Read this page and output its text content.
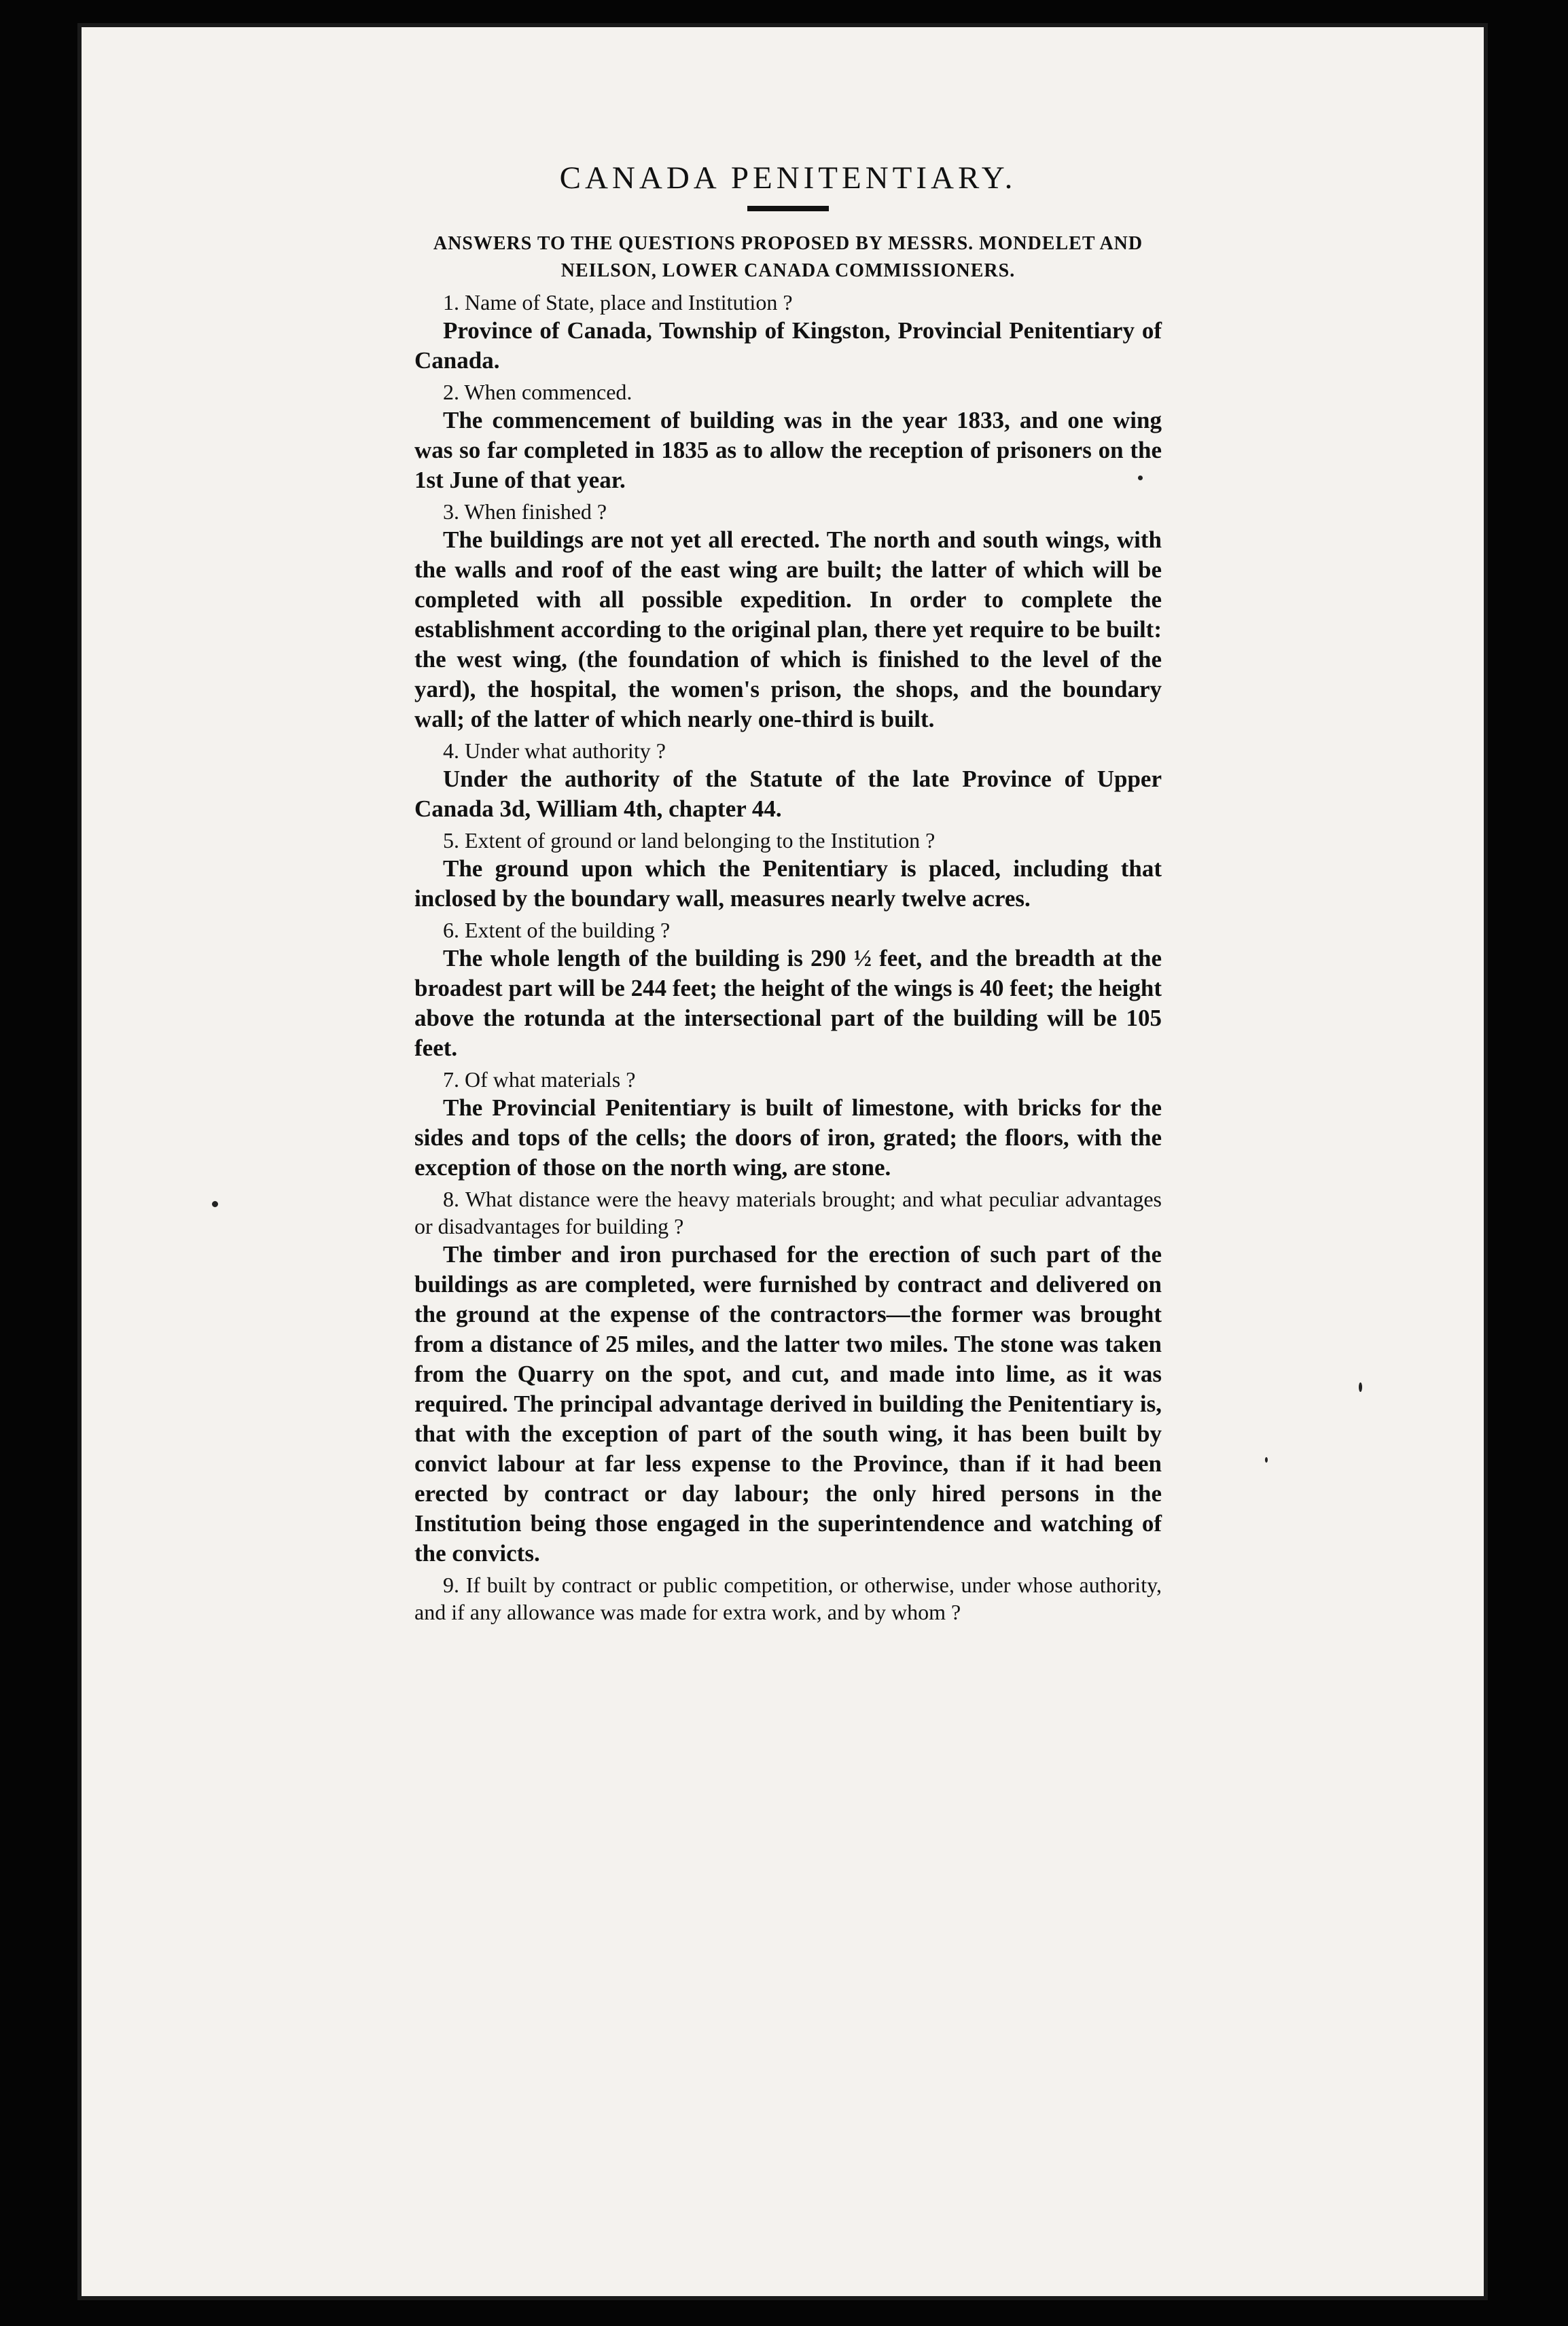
CANADA PENITENTIARY.

ANSWERS TO THE QUESTIONS PROPOSED BY MESSRS. MONDELET AND NEILSON, LOWER CANADA COMMISSIONERS.

1. Name of State, place and Institution ?

Province of Canada, Township of Kingston, Provincial Penitentiary of Canada.

2. When commenced.

The commencement of building was in the year 1833, and one wing was so far completed in 1835 as to allow the reception of prisoners on the 1st June of that year.

3. When finished ?

The buildings are not yet all erected. The north and south wings, with the walls and roof of the east wing are built; the latter of which will be completed with all possible expedition. In order to complete the establishment according to the original plan, there yet require to be built: the west wing, (the foundation of which is finished to the level of the yard), the hospital, the women's prison, the shops, and the boundary wall; of the latter of which nearly one-third is built.

4. Under what authority ?

Under the authority of the Statute of the late Province of Upper Canada 3d, William 4th, chapter 44.

5. Extent of ground or land belonging to the Institution ?

The ground upon which the Penitentiary is placed, including that inclosed by the boundary wall, measures nearly twelve acres.

6. Extent of the building ?

The whole length of the building is 290 ½ feet, and the breadth at the broadest part will be 244 feet; the height of the wings is 40 feet; the height above the rotunda at the intersectional part of the building will be 105 feet.

7. Of what materials ?

The Provincial Penitentiary is built of limestone, with bricks for the sides and tops of the cells; the doors of iron, grated; the floors, with the exception of those on the north wing, are stone.

8. What distance were the heavy materials brought; and what peculiar advantages or disadvantages for building ?

The timber and iron purchased for the erection of such part of the buildings as are completed, were furnished by contract and delivered on the ground at the expense of the contractors—the former was brought from a distance of 25 miles, and the latter two miles. The stone was taken from the Quarry on the spot, and cut, and made into lime, as it was required. The principal advantage derived in building the Penitentiary is, that with the exception of part of the south wing, it has been built by convict labour at far less expense to the Province, than if it had been erected by contract or day labour; the only hired persons in the Institution being those engaged in the superintendence and watching of the convicts.

9. If built by contract or public competition, or otherwise, under whose authority, and if any allowance was made for extra work, and by whom ?
